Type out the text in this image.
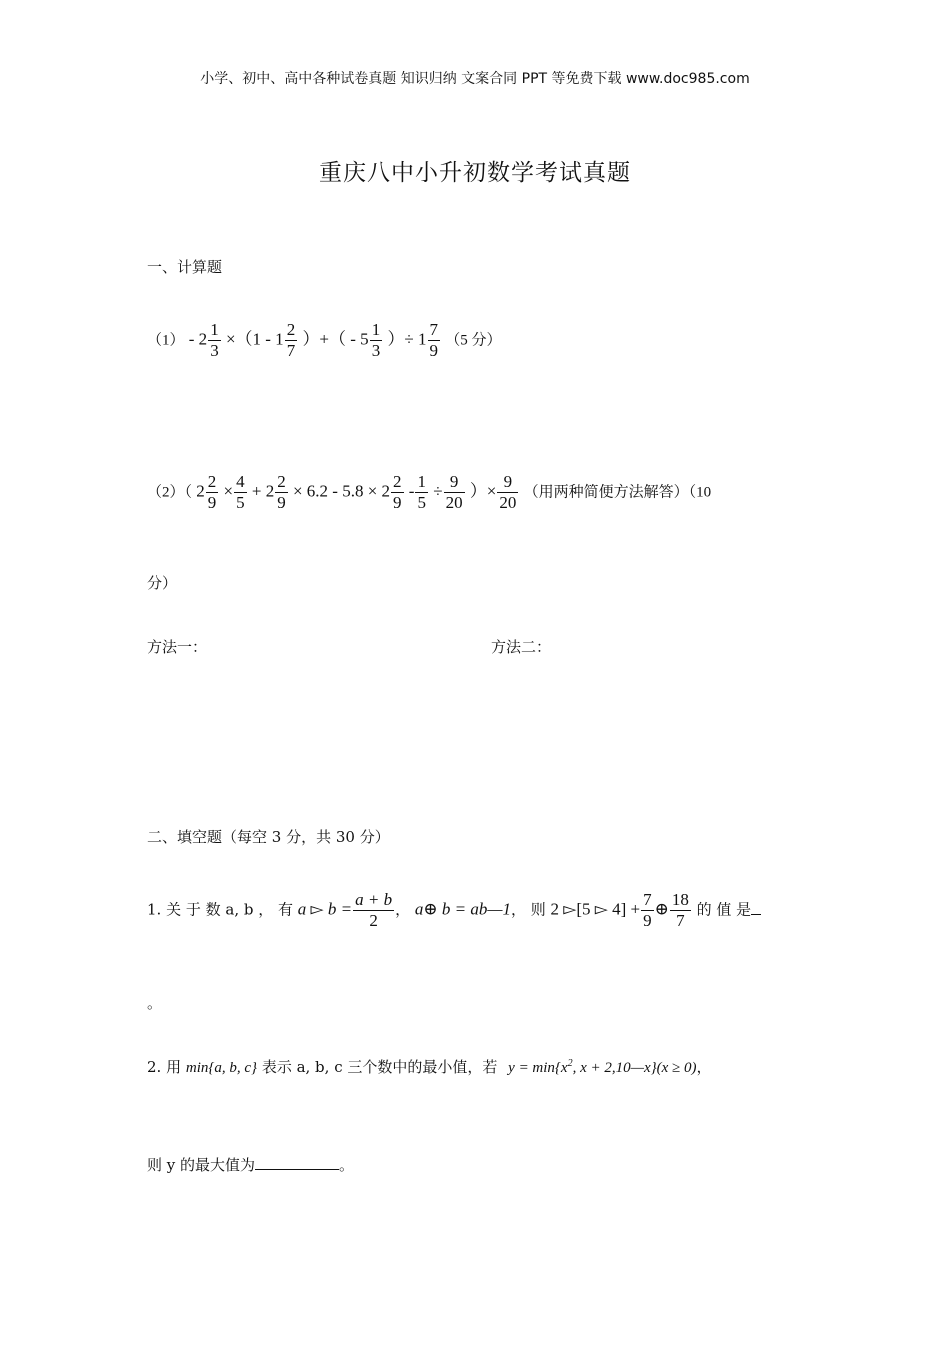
小学、初中、高中各种试卷真题 知识归纳 文案合同 PPT 等免费下载 www.doc985.com
重庆八中小升初数学考试真题
一、计算题
$(1) - 2 \frac{1}{3} \times(1 - 1 \frac{2}{7}$ ）+（ - $5 \frac{1}{3}$ ）÷ $1 \frac{7}{9} (5$ 分）
（2）（ $2 \frac{2}{9} \times \frac{4}{5} + 2 \frac{2}{9} \times 6.2 - 5.8 \times 2 \frac{2}{9} - \frac{1}{5} \div \frac{9}{20}$ ）× $\frac{9}{20}$ （用两种简便方法解答）（10
分）
方法一：	方法二：
二、填空题（每空 3 分，共 30 分）
1. 关 于 数 a, b ， 有 a ▻ $b = \frac{a + b}{2}$ ， a⊕ b = ab—1， 则 2 ▻[5 ▻ $4] + \frac{7}{9}$ ⊕ $\frac{18}{7}$ 的 值 是
。
2. 用 min{a, b, c} 表示 a, b, c 三个数中的最小值，若 $y = \min\{x^2$, x + 2,10—x}(x ≥ 0)，
则 y 的最大值为	。
